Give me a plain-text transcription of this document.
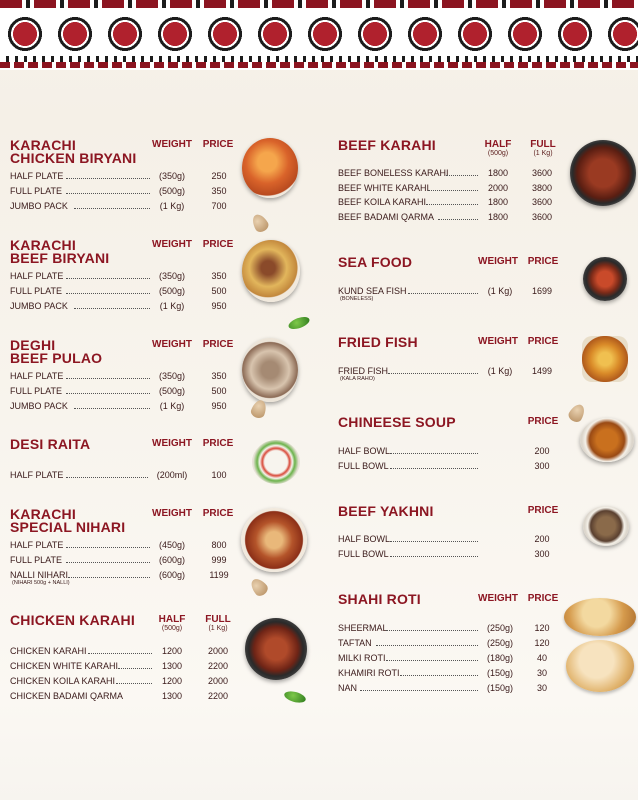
KARACHI
CHICKEN BIRYANI
WEIGHT PRICE
HALF PLATE	(350g)	250
FULL PLATE	(500g)	350
JUMBO PACK	(1 Kg)	700
KARACHI
BEEF BIRYANI
WEIGHT PRICE
HALF PLATE	(350g)	350
FULL PLATE	(500g)	500
JUMBO PACK	(1 Kg)	950
DEGHI
BEEF PULAO
WEIGHT PRICE
HALF PLATE	(350g)	350
FULL PLATE	(500g)	500
JUMBO PACK	(1 Kg)	950
DESI RAITA	WEIGHT PRICE
HALF PLATE	(200ml)	100
KARACHI
SPECIAL NIHARI
WEIGHT PRICE
HALF PLATE	(450g)	800
FULL PLATE	(600g)	999
NALLI NIHARI	(600g)	1199
(NIHARI 500g + NALLI)
CHICKEN KARAHI	HALF
(500g)
FULL
(1 Kg)
CHICKEN KARAHI	1200	2000
CHICKEN WHITE KARAHI	1300	2200
CHICKEN KOILA KARAHI	1200	2000
CHICKEN BADAMI QARMA	1300	2200
BEEF KARAHI	HALF
(500g)
FULL
(1 Kg)
BEEF BONELESS KARAHI	1800	3600
BEEF WHITE KARAHI	2000	3800
BEEF KOILA KARAHI	1800	3600
BEEF BADAMI QARMA	1800	3600
SEA FOOD	WEIGHT PRICE
KUND SEA FISH	(1 Kg)	1699
(BONELESS)
FRIED FISH	WEIGHT PRICE
FRIED FISH	(1 Kg)	1499
(KALA RAHO)
CHINEESE SOUP	PRICE
HALF BOWL	200
FULL BOWL	300
BEEF YAKHNI	PRICE
HALF BOWL	200
FULL BOWL	300
SHAHI ROTI	WEIGHT PRICE
SHEERMAL	(250g)	120
TAFTAN	(250g)	120
MILKI ROTI	(180g)	40
KHAMIRI ROTI	(150g)	30
NAN	(150g)	30
